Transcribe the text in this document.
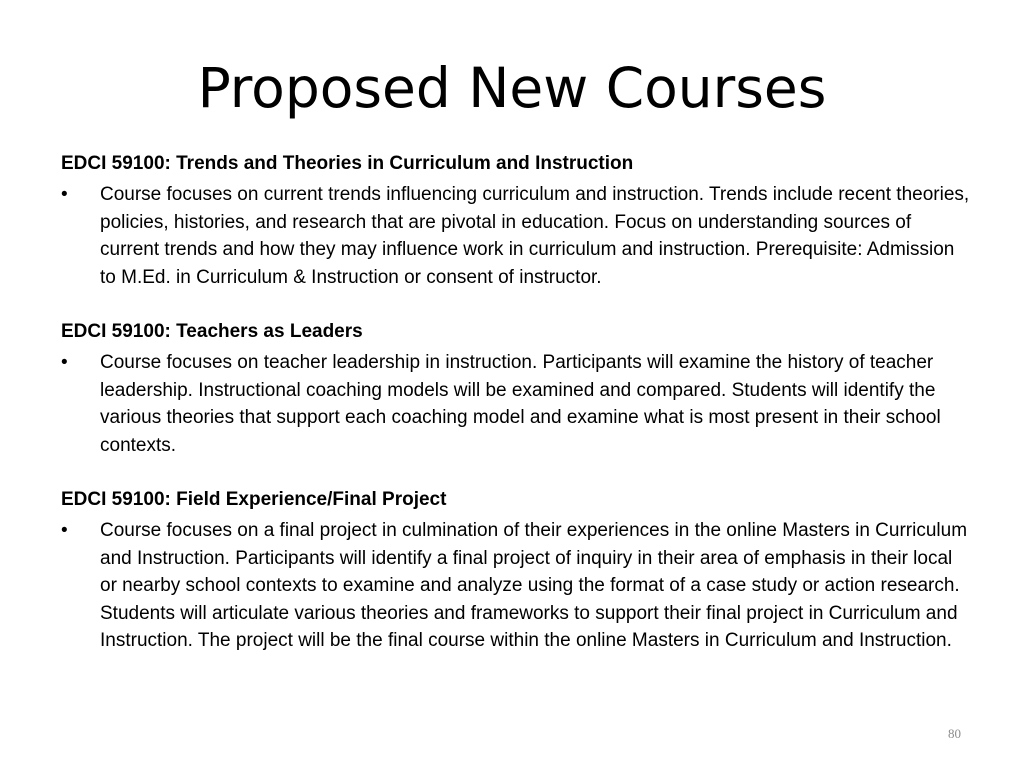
Proposed New Courses
EDCI 59100: Trends and Theories in Curriculum and Instruction
•	Course focuses on current trends influencing curriculum and instruction. Trends include recent theories, policies, histories, and research that are pivotal in education. Focus on understanding sources of current trends and how they may influence work in curriculum and instruction. Prerequisite: Admission to M.Ed. in Curriculum & Instruction or consent of instructor.
EDCI 59100: Teachers as Leaders
•	Course focuses on teacher leadership in instruction. Participants will examine the history of teacher leadership. Instructional coaching models will be examined and compared. Students will identify the various theories that support each coaching model and examine what is most present in their school contexts.
EDCI 59100: Field Experience/Final Project
•	Course focuses on a final project in culmination of their experiences in the online Masters in Curriculum and Instruction. Participants will identify a final project of inquiry in their area of emphasis in their local or nearby school contexts to examine and analyze using the format of a case study or action research. Students will articulate various theories and frameworks to support their final project in Curriculum and Instruction. The project will be the final course within the online Masters in Curriculum and Instruction.
80
